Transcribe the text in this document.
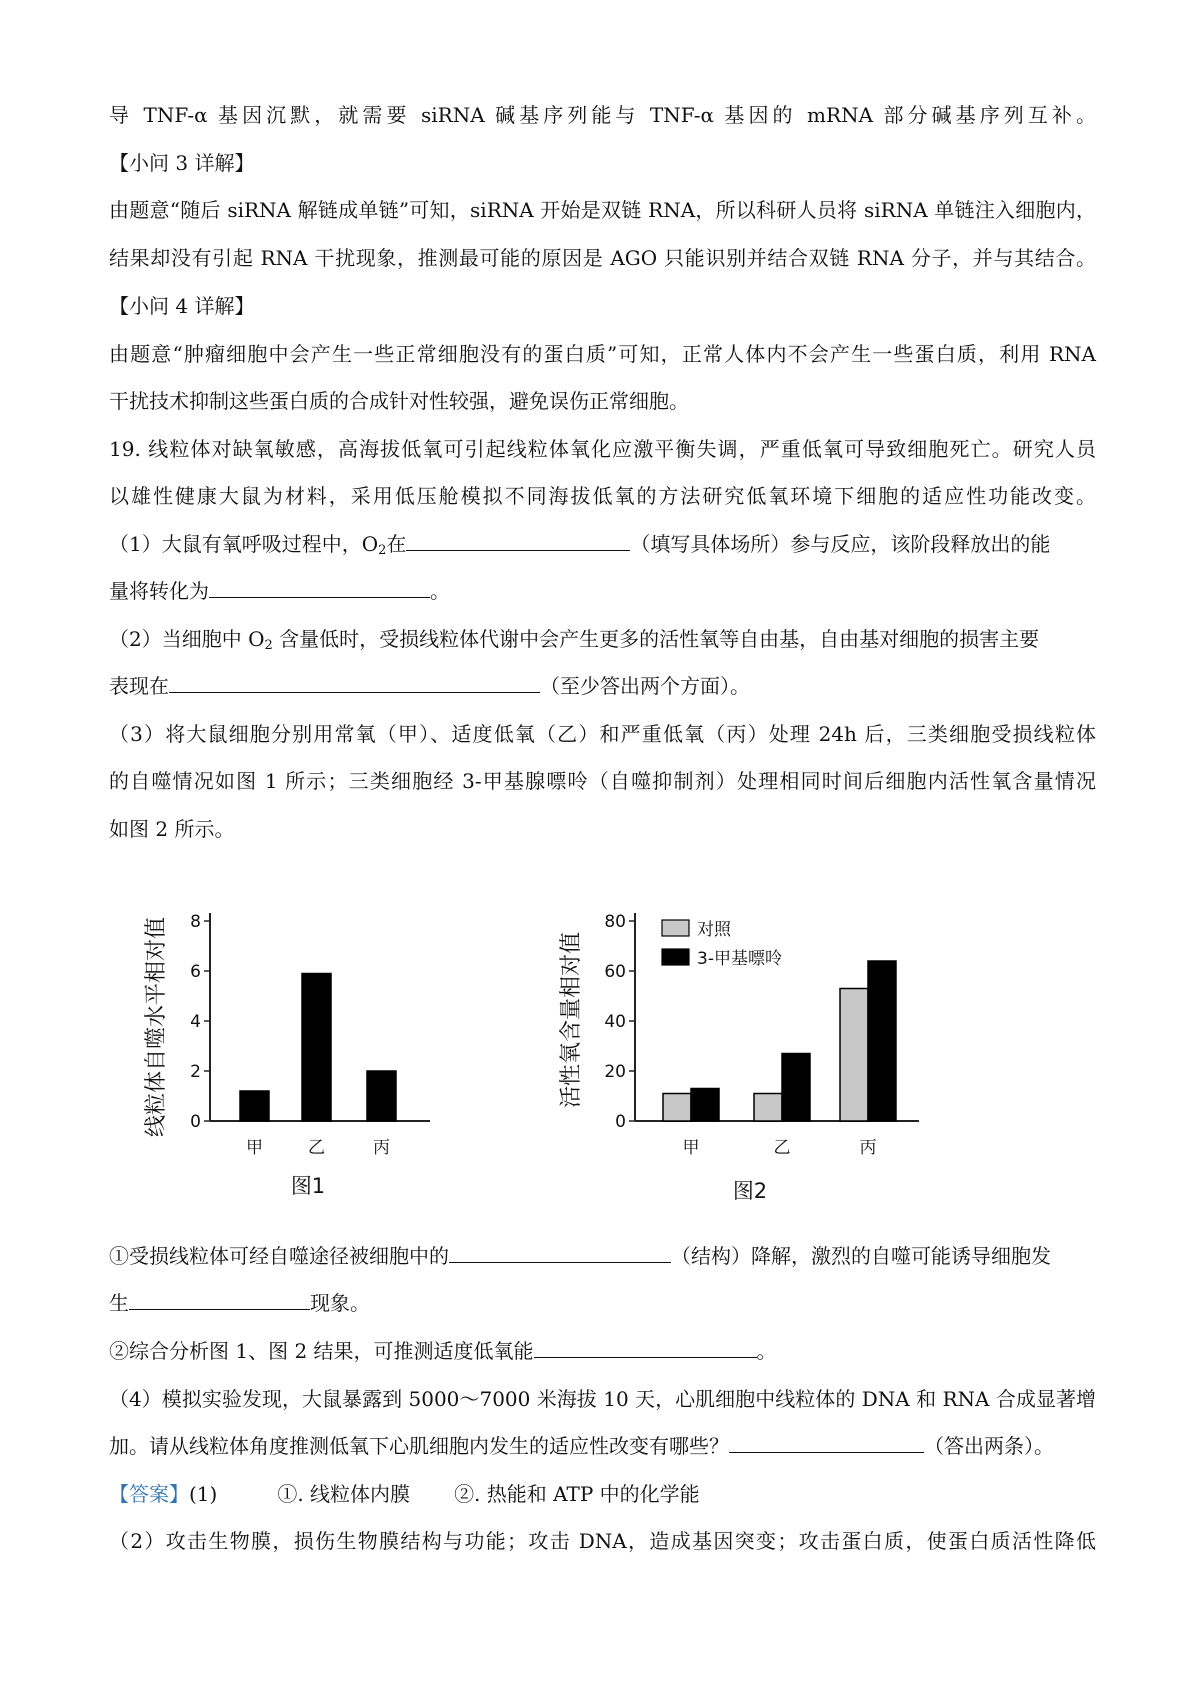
导 TNF-α 基因沉默，就需要 siRNA 碱基序列能与 TNF-α 基因的 mRNA 部分碱基序列互补。
【小问 3 详解】
由题意“随后 siRNA 解链成单链”可知，siRNA 开始是双链 RNA，所以科研人员将 siRNA 单链注入细胞内，
结果却没有引起 RNA 干扰现象，推测最可能的原因是 AGO 只能识别并结合双链 RNA 分子，并与其结合。
【小问 4 详解】
由题意“肿瘤细胞中会产生一些正常细胞没有的蛋白质”可知，正常人体内不会产生一些蛋白质，利用 RNA
干扰技术抑制这些蛋白质的合成针对性较强，避免误伤正常细胞。
19. 线粒体对缺氧敏感，高海拔低氧可引起线粒体氧化应激平衡失调，严重低氧可导致细胞死亡。研究人员
以雄性健康大鼠为材料，采用低压舱模拟不同海拔低氧的方法研究低氧环境下细胞的适应性功能改变。
（1）大鼠有氧呼吸过程中，$O_2$在	（填写具体场所）参与反应，该阶段释放出的能
量将转化为	。
（2）当细胞中 $O_2$ 含量低时，受损线粒体代谢中会产生更多的活性氧等自由基，自由基对细胞的损害主要
表现在	（至少答出两个方面）。
（3）将大鼠细胞分别用常氧（甲）、适度低氧（乙）和严重低氧（丙）处理 24h 后，三类细胞受损线粒体
的自噬情况如图 1 所示；三类细胞经 3-甲基腺嘌呤（自噬抑制剂）处理相同时间后细胞内活性氧含量情况
如图 2 所示。
0
2
4
6
8
甲	乙	丙
线粒体自噬水平相对值
图1
0
20
40
60
80
甲	乙	丙
活性氧含量相对值
图2
对照
3-甲基嘌呤
①受损线粒体可经自噬途径被细胞中的	（结构）降解，激烈的自噬可能诱导细胞发
生	现象。
②综合分析图 1、图 2 结果，可推测适度低氧能	。
（4）模拟实验发现，大鼠暴露到 5000～7000 米海拔 10 天，心肌细胞中线粒体的 DNA 和 RNA 合成显著增
加。请从线粒体角度推测低氧下心肌细胞内发生的适应性改变有哪些？	（答出两条）。
【答案】(1)	①. 线粒体内膜 ②. 热能和 ATP 中的化学能
（2）攻击生物膜，损伤生物膜结构与功能；攻击 DNA，造成基因突变；攻击蛋白质，使蛋白质活性降低
